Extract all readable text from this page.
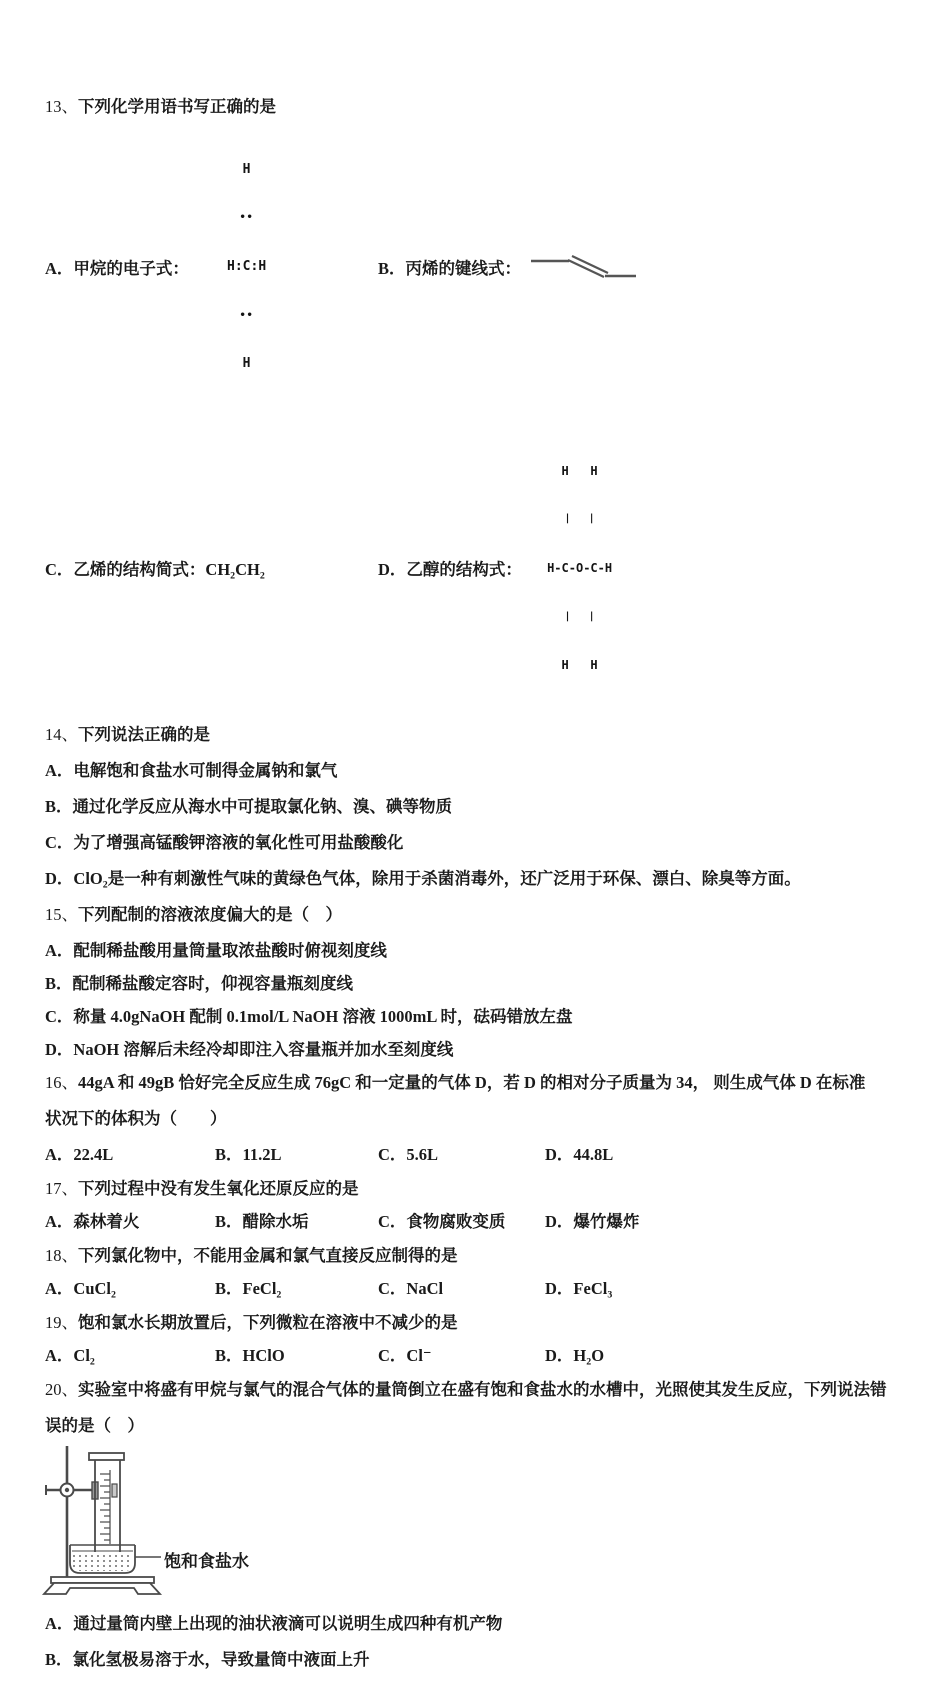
13、下列化学用语书写正确的是
A．甲烷的电子式：

H

••

H:C:H

••

H

B．丙烯的键线式：
C．乙烯的结构简式：CH₂CH₂	D．乙醇的结构式：

H   H

|   |

H-C-O-C-H

|   |

H   H

14、下列说法正确的是
A．电解饱和食盐水可制得金属钠和氯气
B．通过化学反应从海水中可提取氯化钠、溴、碘等物质
C．为了增强高锰酸钾溶液的氧化性可用盐酸酸化
D．ClO₂是一种有刺激性气味的黄绿色气体，除用于杀菌消毒外，还广泛用于环保、漂白、除臭等方面。
15、下列配制的溶液浓度偏大的是（　）
A．配制稀盐酸用量筒量取浓盐酸时俯视刻度线
B．配制稀盐酸定容时，仰视容量瓶刻度线
C．称量 4.0gNaOH 配制 0.1mol/L NaOH 溶液 1000mL 时，砝码错放左盘
D．NaOH 溶解后未经冷却即注入容量瓶并加水至刻度线
16、44gA 和 49gB 恰好完全反应生成 76gC 和一定量的气体 D，若 D 的相对分子质量为 34， 则生成气体 D 在标准
状况下的体积为（　　）
A．22.4L	B．11.2L	C．5.6L	D．44.8L
17、下列过程中没有发生氧化还原反应的是
A．森林着火	B．醋除水垢	C．食物腐败变质	D．爆竹爆炸
18、下列氯化物中，不能用金属和氯气直接反应制得的是
A．CuCl₂	B．FeCl₂	C．NaCl	D．FeCl₃
19、饱和氯水长期放置后，下列微粒在溶液中不减少的是
A．Cl₂	B．HClO	C．Cl⁻	D．H₂O
20、实验室中将盛有甲烷与氯气的混合气体的量筒倒立在盛有饱和食盐水的水槽中，光照使其发生反应，下列说法错
误的是（　）
饱和食盐水
A．通过量筒内壁上出现的油状液滴可以说明生成四种有机产物
B．氯化氢极易溶于水，导致量筒中液面上升
